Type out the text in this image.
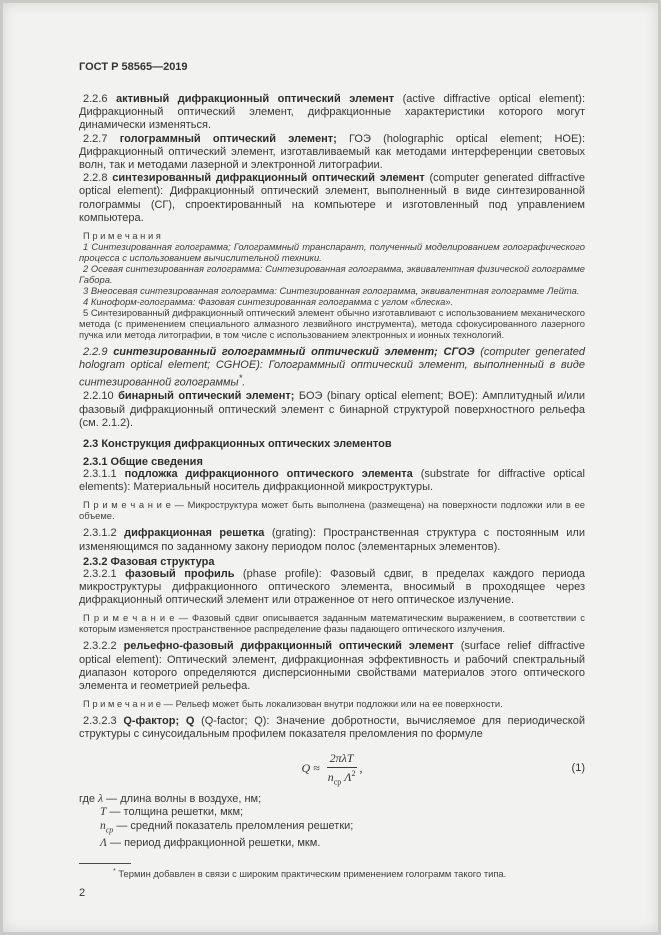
ГОСТ Р 58565—2019

2.2.6 активный дифракционный оптический элемент (active diffractive optical element): Дифракционный оптический элемент, дифракционные характеристики которого могут динамически изменяться.

2.2.7 голограммный оптический элемент; ГОЭ (holographic optical element; HOE): Дифракционный оптический элемент, изготавливаемый как методами интерференции световых волн, так и методами лазерной и электронной литографии.

2.2.8 синтезированный дифракционный оптический элемент (computer generated diffractive optical element): Дифракционный оптический элемент, выполненный в виде синтезированной голограммы (СГ), спроектированный на компьютере и изготовленный под управлением компьютера.

П р и м е ч а н и я

1 Синтезированная голограмма; Голограммный транспарант, полученный моделированием голографического процесса с использованием вычислительной техники.

2 Осевая синтезированная голограмма: Синтезированная голограмма, эквивалентная физической голограмме Габора.

3 Внеосевая синтезированная голограмма: Синтезированная голограмма, эквивалентная голограмме Лейта.

4 Киноформ-голограмма: Фазовая синтезированная голограмма с углом «блеска».

5 Синтезированный дифракционный оптический элемент обычно изготавливают с использованием механического метода (с применением специального алмазного лезвийного инструмента), метода сфокусированного лазерного пучка или метода литографии, в том числе с использованием электронных и ионных технологий.

2.2.9 синтезированный голограммный оптический элемент; СГОЭ (computer generated hologram optical element; CGHOE): Голограммный оптический элемент, выполненный в виде синтезированной голограммы*.

2.2.10 бинарный оптический элемент; БОЭ (binary optical element; BOE): Амплитудный и/или фазовый дифракционный оптический элемент с бинарной структурой поверхностного рельефа (см. 2.1.2).

2.3 Конструкция дифракционных оптических элементов

2.3.1 Общие сведения

2.3.1.1 подложка дифракционного оптического элемента (substrate for diffractive optical elements): Материальный носитель дифракционной микроструктуры.

П р и м е ч а н и е — Микроструктура может быть выполнена (размещена) на поверхности подложки или в ее объеме.

2.3.1.2 дифракционная решетка (grating): Пространственная структура с постоянным или изменяющимся по заданному закону периодом полос (элементарных элементов).

2.3.2 Фазовая структура

2.3.2.1 фазовый профиль (phase profile): Фазовый сдвиг, в пределах каждого периода микроструктуры дифракционного оптического элемента, вносимый в проходящее через дифракционный оптический элемент или отраженное от него оптическое излучение.

П р и м е ч а н и е — Фазовый сдвиг описывается заданным математическим выражением, в соответствии с которым изменяется пространственное распределение фазы падающего оптического излучения.

2.3.2.2 рельефно-фазовый дифракционный оптический элемент (surface relief diffractive optical element): Оптический элемент, дифракционная эффективность и рабочий спектральный диапазон которого определяются дисперсионными свойствами материалов этого оптического элемента и геометрией рельефа.

П р и м е ч а н и е — Рельеф может быть локализован внутри подложки или на ее поверхности.

2.3.2.3 Q-фактор; Q (Q-factor; Q): Значение добротности, вычисляемое для периодической структуры с синусоидальным профилем показателя преломления по формуле

$Q \approx \frac{\text{2πλT}}{n_{ср} \Lambda^2}$ ,	(1)

где λ — длина волны в воздухе, нм;

T — толщина решетки, мкм;

$n_{ср}$ — средний показатель преломления решетки;

Λ — период дифракционной решетки, мкм.

* Термин добавлен в связи с широким практическим применением голограмм такого типа.

2
